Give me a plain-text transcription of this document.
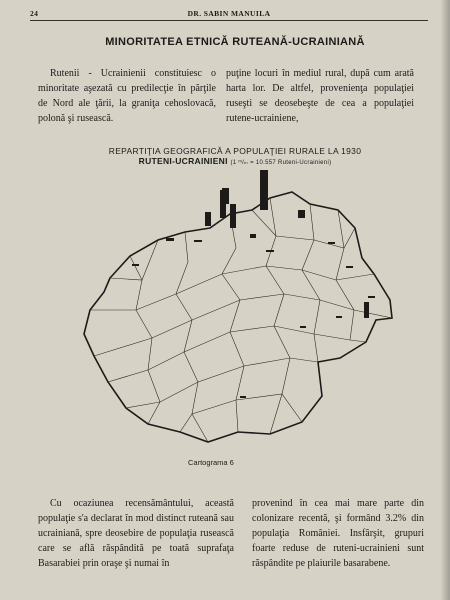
24	DR. SABIN MANUILA
MINORITATEA ETNICĂ RUTEANĂ-UCRAINIANĂ
Rutenii - Ucrainienii constituiesc o minoritate aşezată cu predilecţie în părţile de Nord ale ţării, la graniţa cehoslovacă, polonă şi rusească.
puţine locuri în mediul rural, după cum arată harta lor. De altfel, provenienţa populaţiei ruseşti se deosebeşte de cea a populaţiei rutene-ucrainiene,
REPARTIŢIA GEOGRAFICĂ A POPULAŢIEI RURALE LA 1930
RUTENI-UCRAINIENI (1 ᵐ/ₘ = 10.557 Ruteni-Ucrainieni)
Cartograma 6
Cu ocaziunea recensământului, această populaţie s'a declarat în mod distinct ruteană sau ucrainiană, spre deosebire de populaţia rusească care se află răspândită pe toată suprafaţa Basarabiei prin oraşe şi numai în
provenind în cea mai mare parte din colonizare recentă, şi formând 3.2% din populaţia României. Insfârşit, grupuri foarte reduse de ruteni-ucrainieni sunt răspândite pe plaiurile basarabene.
